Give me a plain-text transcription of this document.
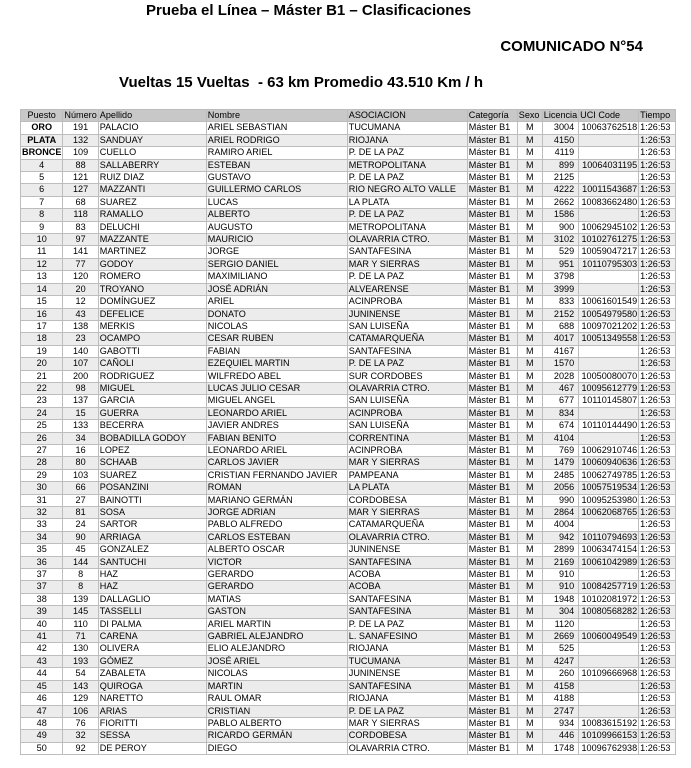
Prueba el Línea – Máster B1 – Clasificaciones
COMUNICADO N°54
Vueltas 15 Vueltas  - 63 km Promedio 43.510 Km / h
Puesto	Número	Apellido	Nombre	ASOCIACION	Categoría	Sexo	Licencia	UCI Code	Tiempo
ORO	191	PALACIO	ARIEL SEBASTIAN	TUCUMANA	Máster B1	M	3004	10063762518	1:26:53
PLATA	132	SANDUAY	ARIEL RODRIGO	RIOJANA	Máster B1	M	4150		1:26:53
BRONCE	109	CUELLO	RAMIRO ARIEL	P. DE LA PAZ	Máster B1	M	4119		1:26:53
4	88	SALLABERRY	ESTEBAN	METROPOLITANA	Máster B1	M	899	10064031195	1:26:53
5	121	RUIZ DIAZ	GUSTAVO	P. DE LA PAZ	Máster B1	M	2125		1:26:53
6	127	MAZZANTI	GUILLERMO CARLOS	RIO NEGRO ALTO VALLE	Máster B1	M	4222	10011543687	1:26:53
7	68	SUAREZ	LUCAS	LA PLATA	Máster B1	M	2662	10083662480	1:26:53
8	118	RAMALLO	ALBERTO	P. DE LA PAZ	Máster B1	M	1586		1:26:53
9	83	DELUCHI	AUGUSTO	METROPOLITANA	Máster B1	M	900	10062945102	1:26:53
10	97	MAZZANTE	MAURICIO	OLAVARRIA CTRO.	Máster B1	M	3102	10102761275	1:26:53
11	141	MARTINEZ	JORGE	SANTAFESINA	Máster B1	M	529	10059047217	1:26:53
12	77	GODOY	SERGIO DANIEL	MAR Y SIERRAS	Máster B1	M	951	10110795303	1:26:53
13	120	ROMERO	MAXIMILIANO	P. DE LA PAZ	Máster B1	M	3798		1:26:53
14	20	TROYANO	JOSÉ ADRIÁN	ALVEARENSE	Máster B1	M	3999		1:26:53
15	12	DOMÍNGUEZ	ARIEL	ACINPROBA	Máster B1	M	833	10061601549	1:26:53
16	43	DEFELICE	DONATO	JUNINENSE	Máster B1	M	2152	10054979580	1:26:53
17	138	MERKIS	NICOLAS	SAN LUISEÑA	Máster B1	M	688	10097021202	1:26:53
18	23	OCAMPO	CESAR RUBEN	CATAMARQUEÑA	Máster B1	M	4017	10051349558	1:26:53
19	140	GABOTTI	FABIAN	SANTAFESINA	Máster B1	M	4167		1:26:53
20	107	CAÑOLI	EZEQUIEL MARTIN	P. DE LA PAZ	Máster B1	M	1570		1:26:53
21	200	RODRIGUEZ	WILFREDO ABEL	SUR CORDOBES	Máster B1	M	2028	10050080070	1:26:53
22	98	MIGUEL	LUCAS JULIO CESAR	OLAVARRIA CTRO.	Máster B1	M	467	10095612779	1:26:53
23	137	GARCIA	MIGUEL ANGEL	SAN LUISEÑA	Máster B1	M	677	10110145807	1:26:53
24	15	GUERRA	LEONARDO ARIEL	ACINPROBA	Máster B1	M	834		1:26:53
25	133	BECERRA	JAVIER ANDRES	SAN LUISEÑA	Máster B1	M	674	10110144490	1:26:53
26	34	BOBADILLA GODOY	FABIAN BENITO	CORRENTINA	Máster B1	M	4104		1:26:53
27	16	LOPEZ	LEONARDO ARIEL	ACINPROBA	Máster B1	M	769	10062910746	1:26:53
28	80	SCHAAB	CARLOS JAVIER	MAR Y SIERRAS	Máster B1	M	1479	10060940636	1:26:53
29	103	SUAREZ	CRISTIAN FERNANDO JAVIER	PAMPEANA	Máster B1	M	2485	10062749785	1:26:53
30	66	POSANZINI	ROMAN	LA PLATA	Máster B1	M	2056	10057519534	1:26:53
31	27	BAINOTTI	MARIANO GERMÁN	CORDOBESA	Máster B1	M	990	10095253980	1:26:53
32	81	SOSA	JORGE ADRIAN	MAR Y SIERRAS	Máster B1	M	2864	10062068765	1:26:53
33	24	SARTOR	PABLO ALFREDO	CATAMARQUEÑA	Máster B1	M	4004		1:26:53
34	90	ARRIAGA	CARLOS ESTEBAN	OLAVARRIA CTRO.	Máster B1	M	942	10110794693	1:26:53
35	45	GONZALEZ	ALBERTO OSCAR	JUNINENSE	Máster B1	M	2899	10063474154	1:26:53
36	144	SANTUCHI	VICTOR	SANTAFESINA	Máster B1	M	2169	10061042989	1:26:53
37	8	HAZ	GERARDO	ACOBA	Máster B1	M	910		1:26:53
37	8	HAZ	GERARDO	ACOBA	Máster B1	M	910	10084257719	1:26:53
38	139	DALLAGLIO	MATIAS	SANTAFESINA	Máster B1	M	1948	10102081972	1:26:53
39	145	TASSELLI	GASTON	SANTAFESINA	Máster B1	M	304	10080568282	1:26:53
40	110	DI PALMA	ARIEL MARTIN	P. DE LA PAZ	Máster B1	M	1120		1:26:53
41	71	CARENA	GABRIEL ALEJANDRO	L. SANAFESINO	Máster B1	M	2669	10060049549	1:26:53
42	130	OLIVERA	ELIO ALEJANDRO	RIOJANA	Máster B1	M	525		1:26:53
43	193	GÓMEZ	JOSÉ ARIEL	TUCUMANA	Máster B1	M	4247		1:26:53
44	54	ZABALETA	NICOLAS	JUNINENSE	Máster B1	M	260	10109666968	1:26:53
45	143	QUIROGA	MARTIN	SANTAFESINA	Máster B1	M	4158		1:26:53
46	129	NARETTO	RAUL OMAR	RIOJANA	Máster B1	M	4188		1:26:53
47	106	ARIAS	CRISTIAN	P. DE LA PAZ	Máster B1	M	2747		1:26:53
48	76	FIORITTI	PABLO ALBERTO	MAR Y SIERRAS	Máster B1	M	934	10083615192	1:26:53
49	32	SESSA	RICARDO GERMÁN	CORDOBESA	Máster B1	M	446	10109966153	1:26:53
50	92	DE PEROY	DIEGO	OLAVARRIA CTRO.	Máster B1	M	1748	10096762938	1:26:53
